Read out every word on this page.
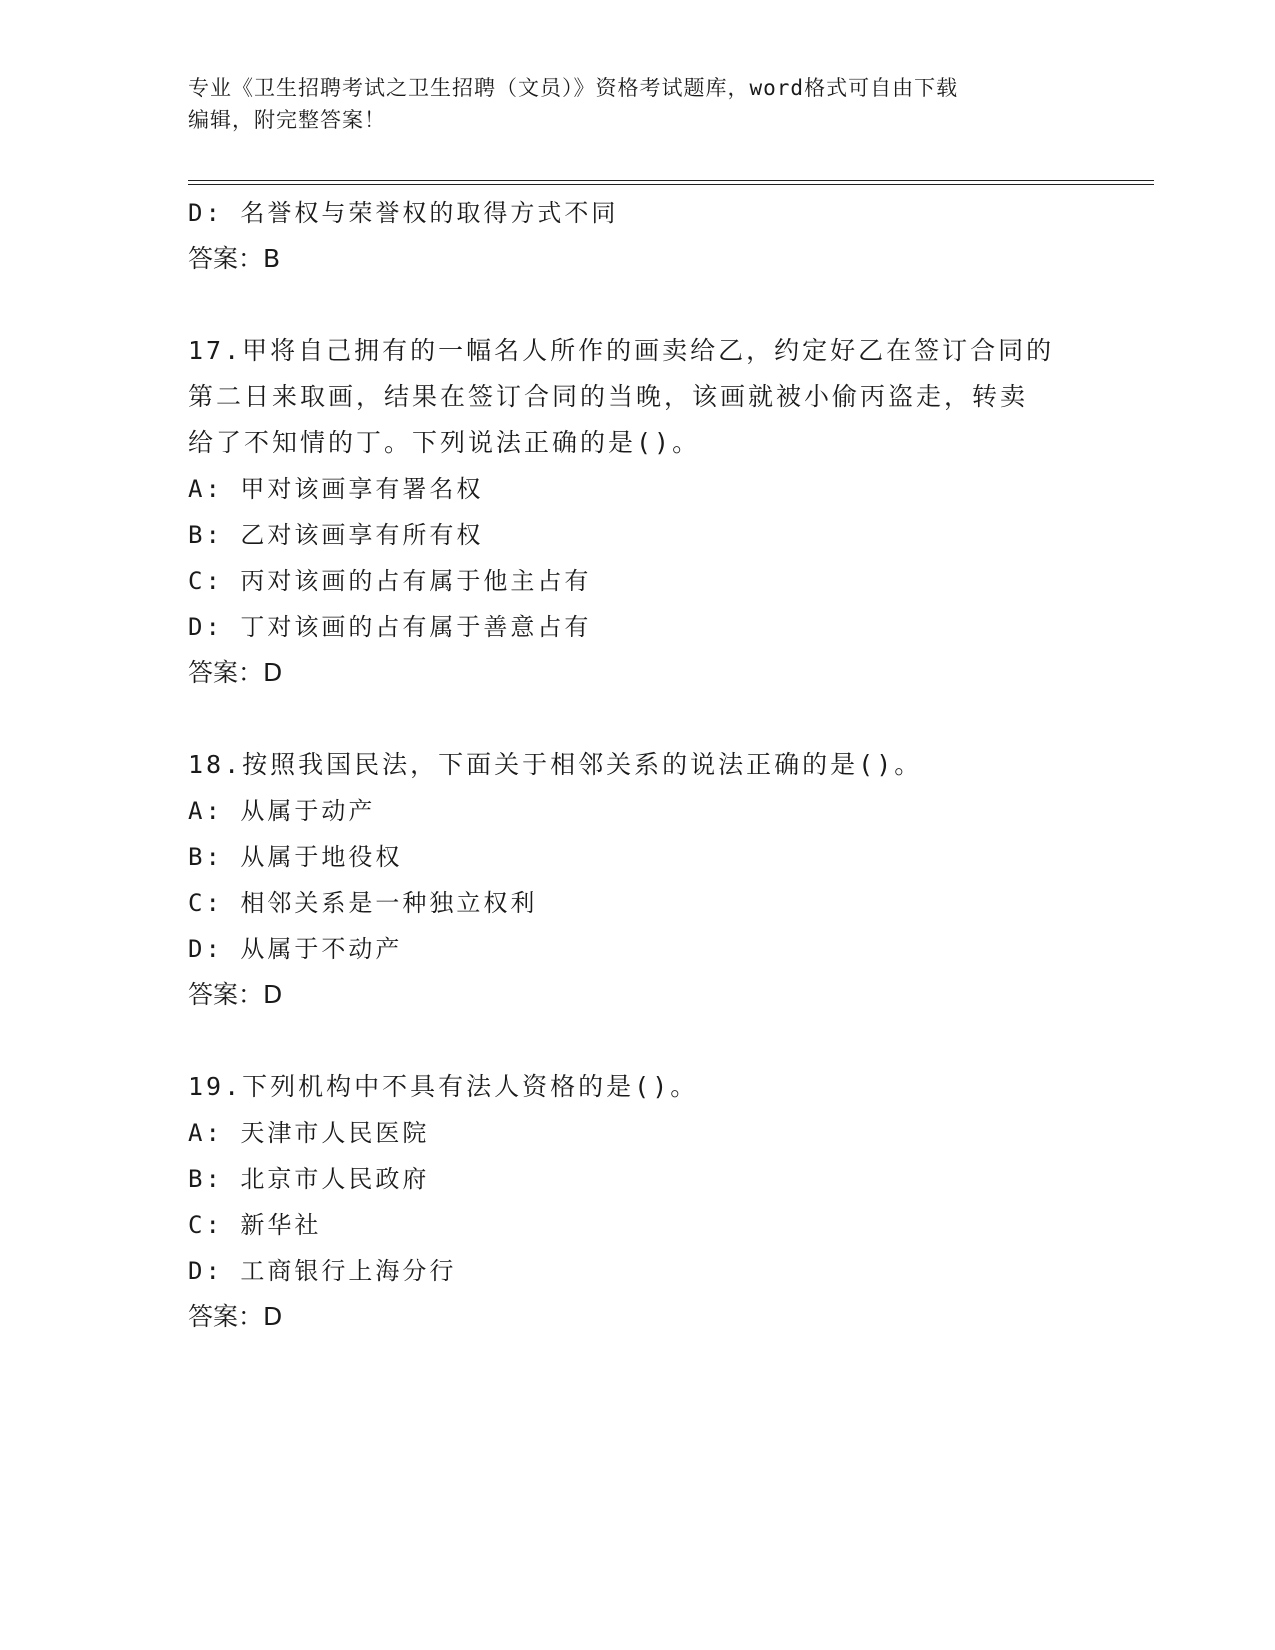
专业《卫生招聘考试之卫生招聘（文员）》资格考试题库，word格式可自由下载
编辑，附完整答案！
D: 名誉权与荣誉权的取得方式不同
答案：B
17.甲将自己拥有的一幅名人所作的画卖给乙，约定好乙在签订合同的
第二日来取画，结果在签订合同的当晚，该画就被小偷丙盗走，转卖
给了不知情的丁。下列说法正确的是()。
A: 甲对该画享有署名权
B: 乙对该画享有所有权
C: 丙对该画的占有属于他主占有
D: 丁对该画的占有属于善意占有
答案：D
18.按照我国民法，下面关于相邻关系的说法正确的是()。
A: 从属于动产
B: 从属于地役权
C: 相邻关系是一种独立权利
D: 从属于不动产
答案：D
19.下列机构中不具有法人资格的是()。
A: 天津市人民医院
B: 北京市人民政府
C: 新华社
D: 工商银行上海分行
答案：D
